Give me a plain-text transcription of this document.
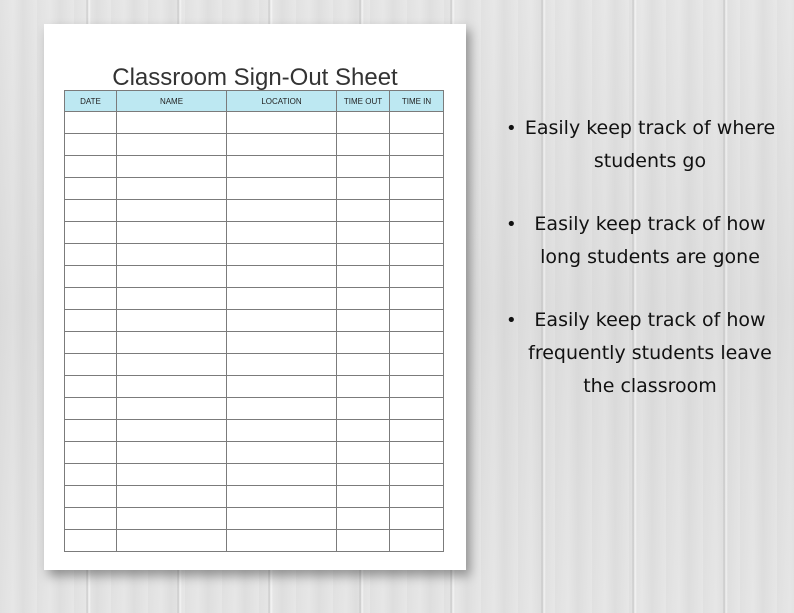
Classroom Sign-Out Sheet
DATE	NAME	LOCATION	TIME OUT	TIME IN

• Easily keep track of where students go
• Easily keep track of how long students are gone
• Easily keep track of how frequently students leave the classroom
